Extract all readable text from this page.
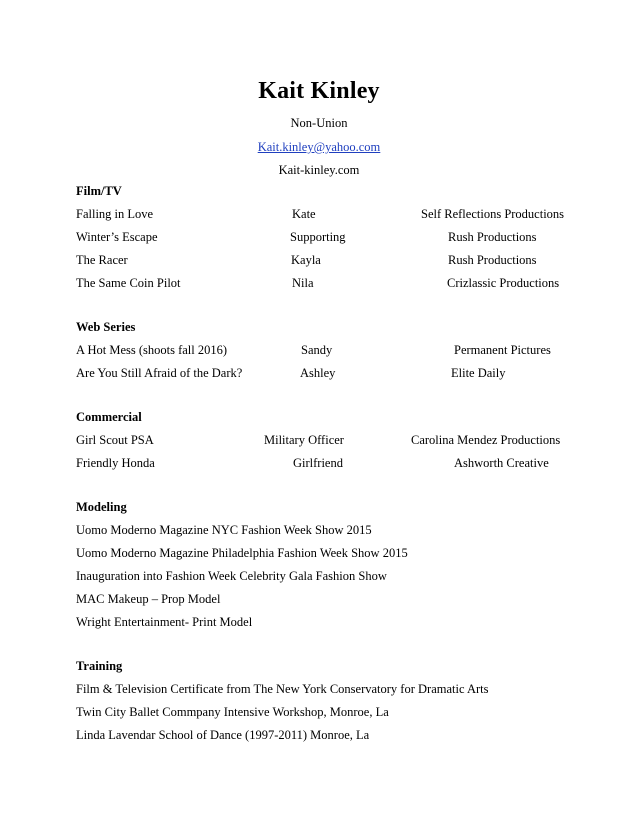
Kait Kinley
Non-Union
Kait.kinley@yahoo.com
Kait-kinley.com
Film/TV
Falling in Love	Kate	Self Reflections Productions
Winter’s Escape	Supporting	Rush Productions
The Racer	Kayla	Rush Productions
The Same Coin Pilot	Nila	Crizlassic Productions
Web Series
A Hot Mess (shoots fall 2016)	Sandy	Permanent Pictures
Are You Still Afraid of the Dark?	Ashley	Elite Daily
Commercial
Girl Scout PSA	Military Officer	Carolina Mendez Productions
Friendly Honda	Girlfriend	Ashworth Creative
Modeling
Uomo Moderno Magazine NYC Fashion Week Show 2015
Uomo Moderno Magazine Philadelphia Fashion Week Show 2015
Inauguration into Fashion Week Celebrity Gala Fashion Show
MAC Makeup – Prop Model
Wright Entertainment- Print Model
Training
Film & Television Certificate from The New York Conservatory for Dramatic Arts
Twin City Ballet Commpany Intensive Workshop, Monroe, La
Linda Lavendar School of Dance (1997-2011) Monroe, La
